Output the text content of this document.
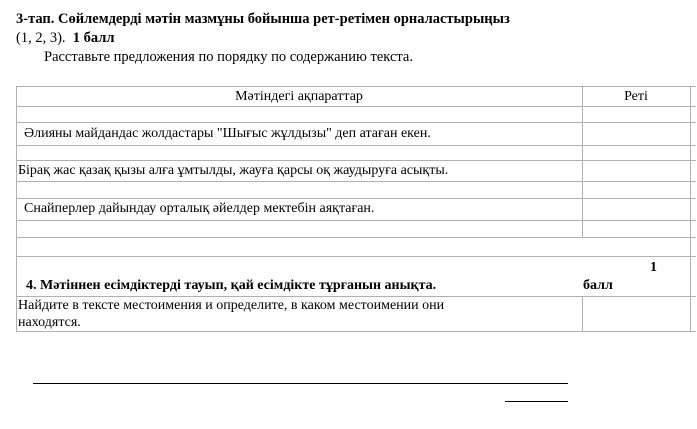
3-тап. Сөйлемдерді мәтін мазмұны бойынша рет-ретімен орналастырыңыз
(1, 2, 3). 1 балл
Расставьте предложения по порядку по содержанию текста.
Мәтіндегі ақпараттар	Реті
Әлияны майдандас жолдастары "Шығыс жұлдызы" деп атаған екен.
Бірақ жас қазақ қызы алға ұмтылды, жауға қарсы оқ жаудыруға асықты.
Снайперлер дайындау орталық әйелдер мектебін аяқтаған.
1
4. Мәтіннен есімдіктерді тауып, қай есімдікте тұрғанын анықта.	балл
Найдите в тексте местоимения и определите, в каком местоимении они
находятся.
